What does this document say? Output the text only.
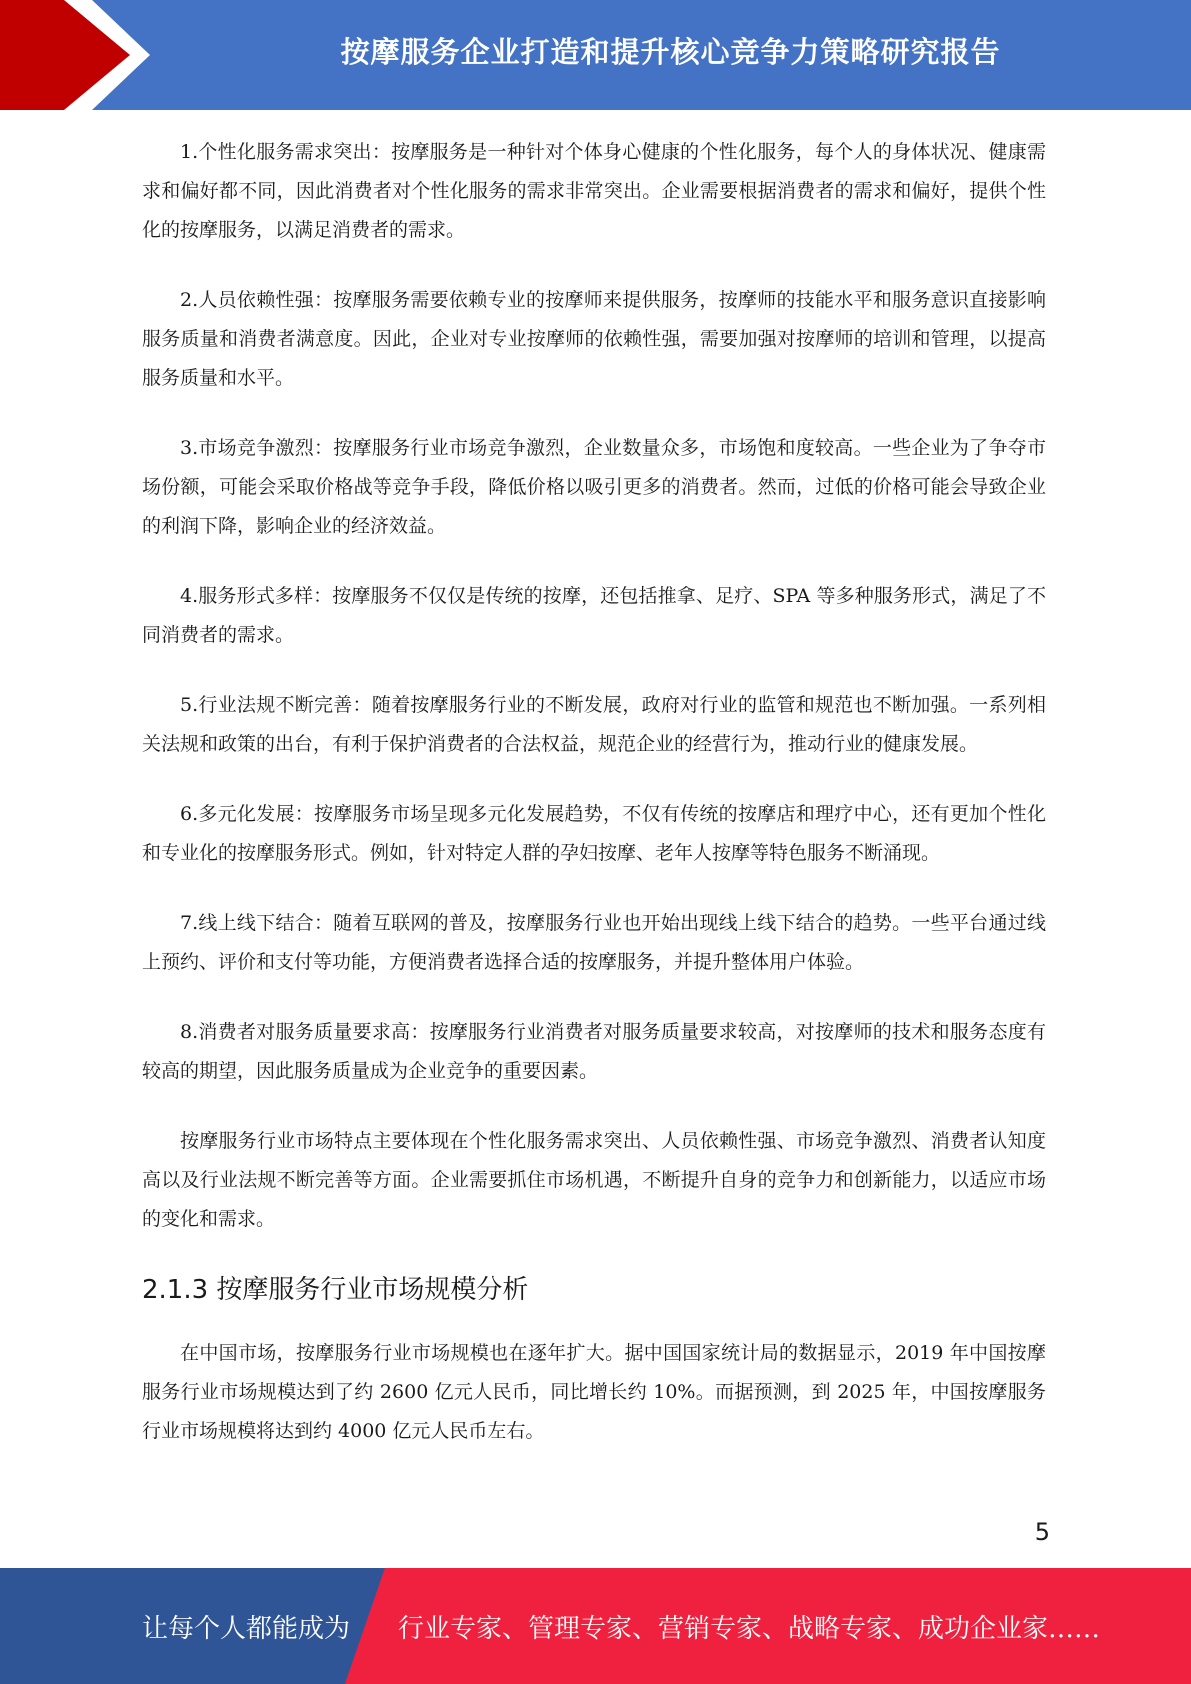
按摩服务企业打造和提升核心竞争力策略研究报告

1.个性化服务需求突出：按摩服务是一种针对个体身心健康的个性化服务，每个人的身体状况、健康需求和偏好都不同，因此消费者对个性化服务的需求非常突出。企业需要根据消费者的需求和偏好，提供个性化的按摩服务，以满足消费者的需求。

2.人员依赖性强：按摩服务需要依赖专业的按摩师来提供服务，按摩师的技能水平和服务意识直接影响服务质量和消费者满意度。因此，企业对专业按摩师的依赖性强，需要加强对按摩师的培训和管理，以提高服务质量和水平。

3.市场竞争激烈：按摩服务行业市场竞争激烈，企业数量众多，市场饱和度较高。一些企业为了争夺市场份额，可能会采取价格战等竞争手段，降低价格以吸引更多的消费者。然而，过低的价格可能会导致企业的利润下降，影响企业的经济效益。

4.服务形式多样：按摩服务不仅仅是传统的按摩，还包括推拿、足疗、SPA 等多种服务形式，满足了不同消费者的需求。

5.行业法规不断完善：随着按摩服务行业的不断发展，政府对行业的监管和规范也不断加强。一系列相关法规和政策的出台，有利于保护消费者的合法权益，规范企业的经营行为，推动行业的健康发展。

6.多元化发展：按摩服务市场呈现多元化发展趋势，不仅有传统的按摩店和理疗中心，还有更加个性化和专业化的按摩服务形式。例如，针对特定人群的孕妇按摩、老年人按摩等特色服务不断涌现。

7.线上线下结合：随着互联网的普及，按摩服务行业也开始出现线上线下结合的趋势。一些平台通过线上预约、评价和支付等功能，方便消费者选择合适的按摩服务，并提升整体用户体验。

8.消费者对服务质量要求高：按摩服务行业消费者对服务质量要求较高，对按摩师的技术和服务态度有较高的期望，因此服务质量成为企业竞争的重要因素。

按摩服务行业市场特点主要体现在个性化服务需求突出、人员依赖性强、市场竞争激烈、消费者认知度高以及行业法规不断完善等方面。企业需要抓住市场机遇，不断提升自身的竞争力和创新能力，以适应市场的变化和需求。

2.1.3 按摩服务行业市场规模分析

在中国市场，按摩服务行业市场规模也在逐年扩大。据中国国家统计局的数据显示，2019 年中国按摩服务行业市场规模达到了约 2600 亿元人民币，同比增长约 10%。而据预测，到 2025 年，中国按摩服务行业市场规模将达到约 4000 亿元人民币左右。

5
让每个人都能成为 行业专家、管理专家、营销专家、战略专家、成功企业家……
